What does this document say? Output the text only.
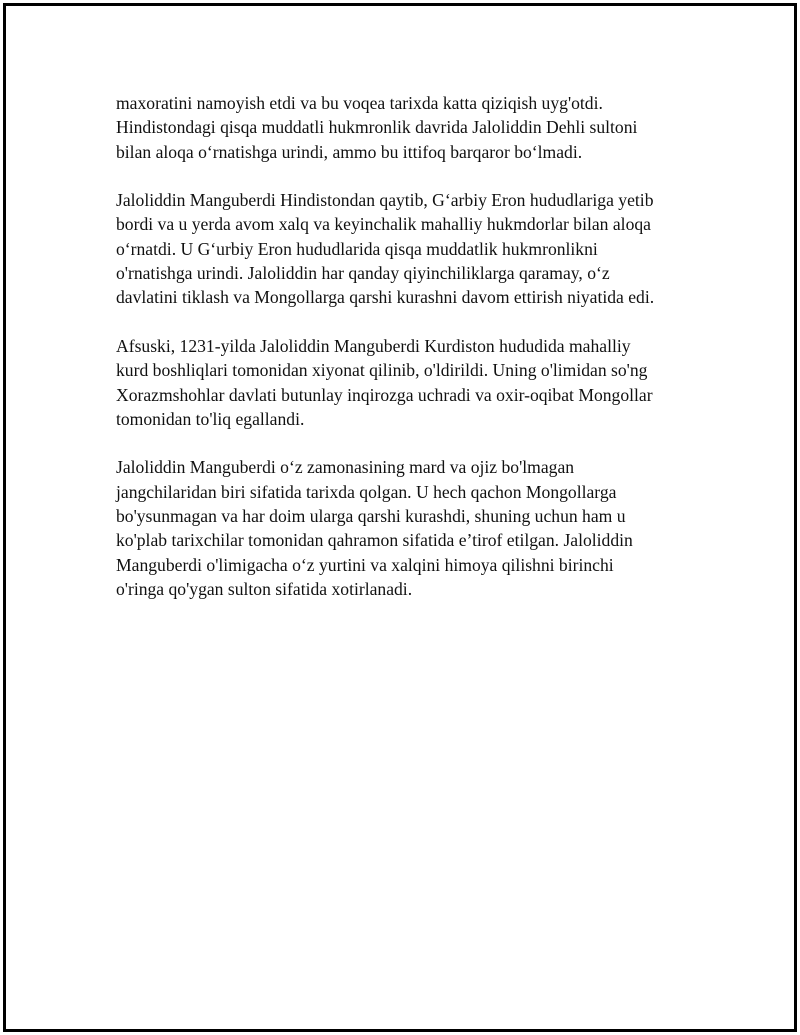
maxoratini namoyish etdi va bu voqea tarixda katta qiziqish uyg'otdi.
Hindistondagi qisqa muddatli hukmronlik davrida Jaloliddin Dehli sultoni
bilan aloqa o‘rnatishga urindi, ammo bu ittifoq barqaror bo‘lmadi.

Jaloliddin Manguberdi Hindistondan qaytib, G‘arbiy Eron hududlariga yetib
bordi va u yerda avom xalq va keyinchalik mahalliy hukmdorlar bilan aloqa
o‘rnatdi. U G‘urbiy Eron hududlarida qisqa muddatlik hukmronlikni
o'rnatishga urindi. Jaloliddin har qanday qiyinchiliklarga qaramay, o‘z
davlatini tiklash va Mongollarga qarshi kurashni davom ettirish niyatida edi.

Afsuski, 1231-yilda Jaloliddin Manguberdi Kurdiston hududida mahalliy
kurd boshliqlari tomonidan xiyonat qilinib, o'ldirildi. Uning o'limidan so'ng
Xorazmshohlar davlati butunlay inqirozga uchradi va oxir-oqibat Mongollar
tomonidan to'liq egallandi.

Jaloliddin Manguberdi o‘z zamonasining mard va ojiz bo'lmagan
jangchilaridan biri sifatida tarixda qolgan. U hech qachon Mongollarga
bo'ysunmagan va har doim ularga qarshi kurashdi, shuning uchun ham u
ko'plab tarixchilar tomonidan qahramon sifatida e’tirof etilgan. Jaloliddin
Manguberdi o'limigacha o‘z yurtini va xalqini himoya qilishni birinchi
o'ringa qo'ygan sulton sifatida xotirlanadi.
